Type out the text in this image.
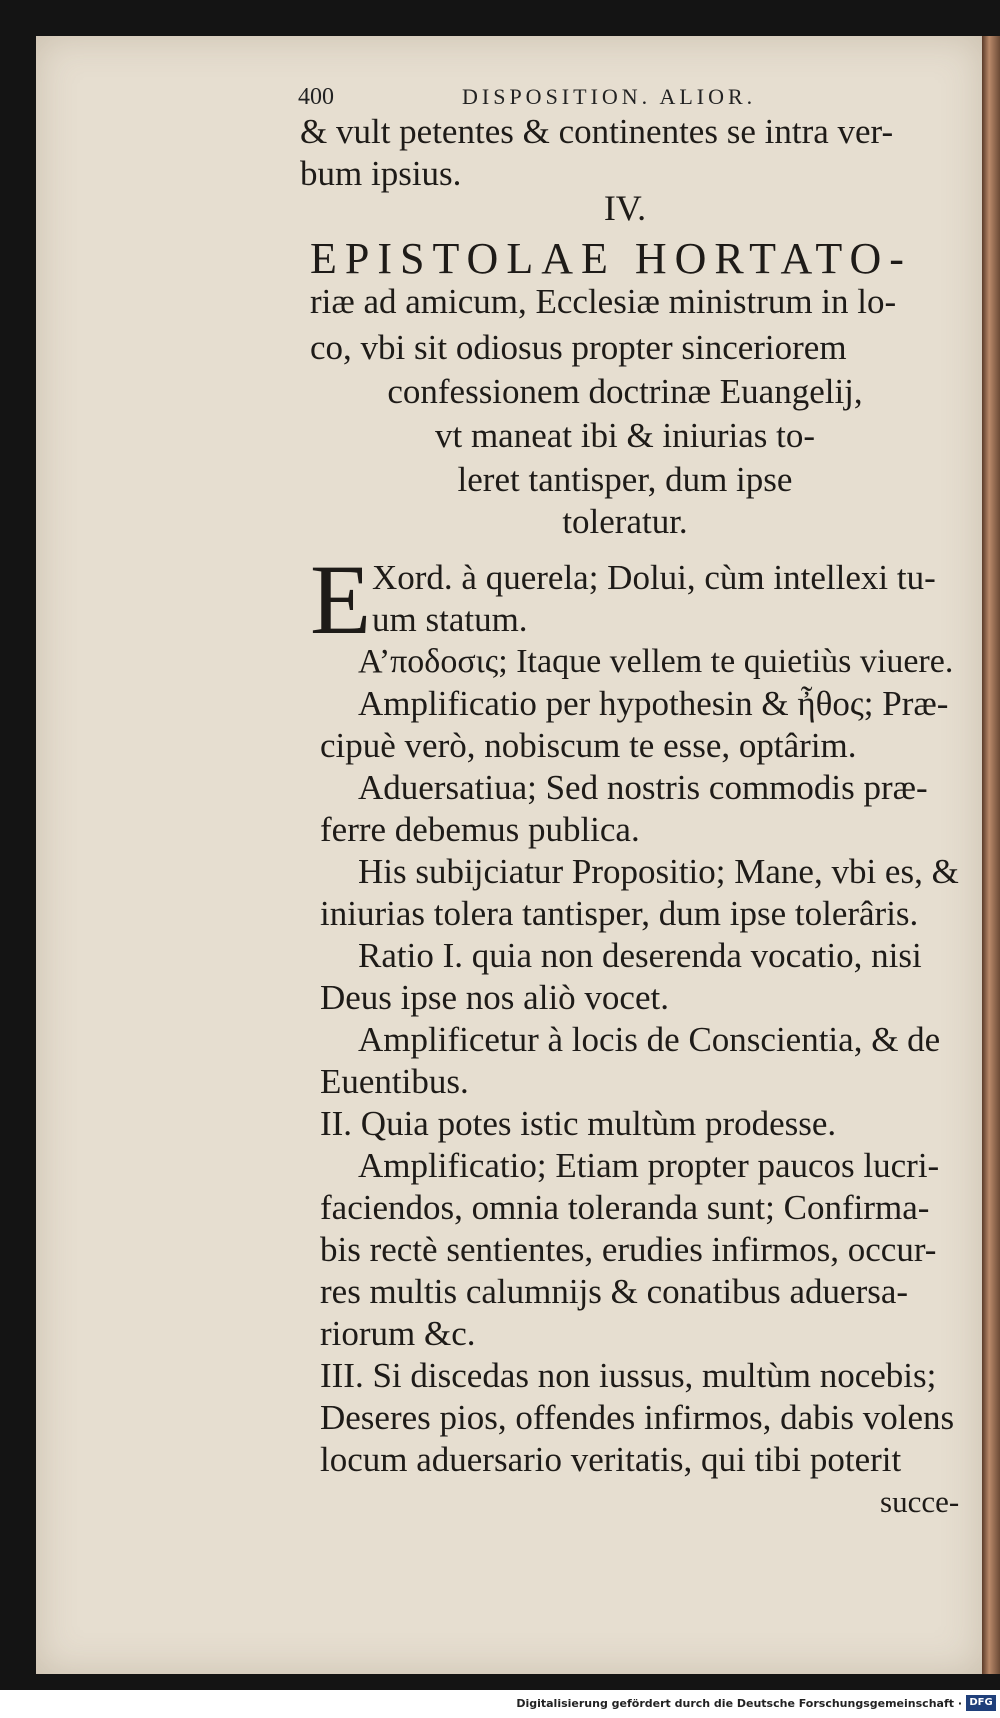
400	DISPOSITION. ALIOR.
& vult petentes & continentes se intra ver-
bum ipsius.
IV.
EPISTOLAE HORTATO-
riæ ad amicum, Ecclesiæ ministrum in lo-
co, vbi sit odiosus propter sinceriorem
confessionem doctrinæ Euangelij,
vt maneat ibi & iniurias to-
leret tantisper, dum ipse
toleratur.
E Xord. à querela; Dolui, cùm intellexi tu-
um statum.
Α’ποδοσις; Itaque vellem te quietiùs viuere.
Amplificatio per hypothesin & ἦθος; Præ-
cipuè verò, nobiscum te esse, optârim.
Aduersatiua; Sed nostris commodis præ-
ferre debemus publica.
His subijciatur Propositio; Mane, vbi es, &
iniurias tolera tantisper, dum ipse tolerâris.
Ratio I. quia non deserenda vocatio, nisi
Deus ipse nos aliò vocet.
Amplificetur à locis de Conscientia, & de
Euentibus.
II. Quia potes istic multùm prodesse.
Amplificatio; Etiam propter paucos lucri-
faciendos, omnia toleranda sunt; Confirma-
bis rectè sentientes, erudies infirmos, occur-
res multis calumnijs & conatibus aduersa-
riorum &c.
III. Si discedas non iussus, multùm nocebis;
Deseres pios, offendes infirmos, dabis volens
locum aduersario veritatis, qui tibi poterit
succe-
Digitalisierung gefördert durch die Deutsche Forschungsgemeinschaft · DFG
